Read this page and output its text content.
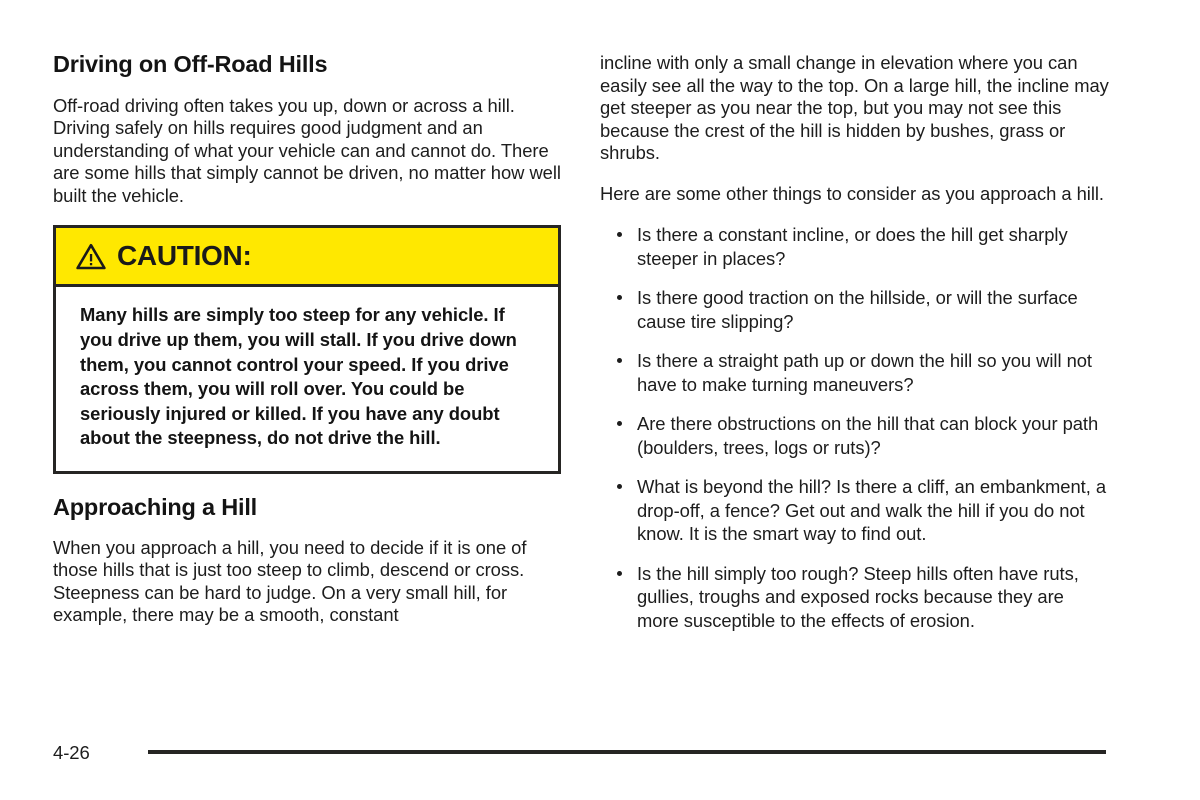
Driving on Off-Road Hills

Off-road driving often takes you up, down or across a hill. Driving safely on hills requires good judgment and an understanding of what your vehicle can and cannot do. There are some hills that simply cannot be driven, no matter how well built the vehicle.

CAUTION:

Many hills are simply too steep for any vehicle. If you drive up them, you will stall. If you drive down them, you cannot control your speed. If you drive across them, you will roll over. You could be seriously injured or killed. If you have any doubt about the steepness, do not drive the hill.

Approaching a Hill

When you approach a hill, you need to decide if it is one of those hills that is just too steep to climb, descend or cross. Steepness can be hard to judge. On a very small hill, for example, there may be a smooth, constant

incline with only a small change in elevation where you can easily see all the way to the top. On a large hill, the incline may get steeper as you near the top, but you may not see this because the crest of the hill is hidden by bushes, grass or shrubs.

Here are some other things to consider as you approach a hill.

Is there a constant incline, or does the hill get sharply steeper in places?
Is there good traction on the hillside, or will the surface cause tire slipping?
Is there a straight path up or down the hill so you will not have to make turning maneuvers?
Are there obstructions on the hill that can block your path (boulders, trees, logs or ruts)?
What is beyond the hill? Is there a cliff, an embankment, a drop-off, a fence? Get out and walk the hill if you do not know. It is the smart way to find out.
Is the hill simply too rough? Steep hills often have ruts, gullies, troughs and exposed rocks because they are more susceptible to the effects of erosion.
4-26
